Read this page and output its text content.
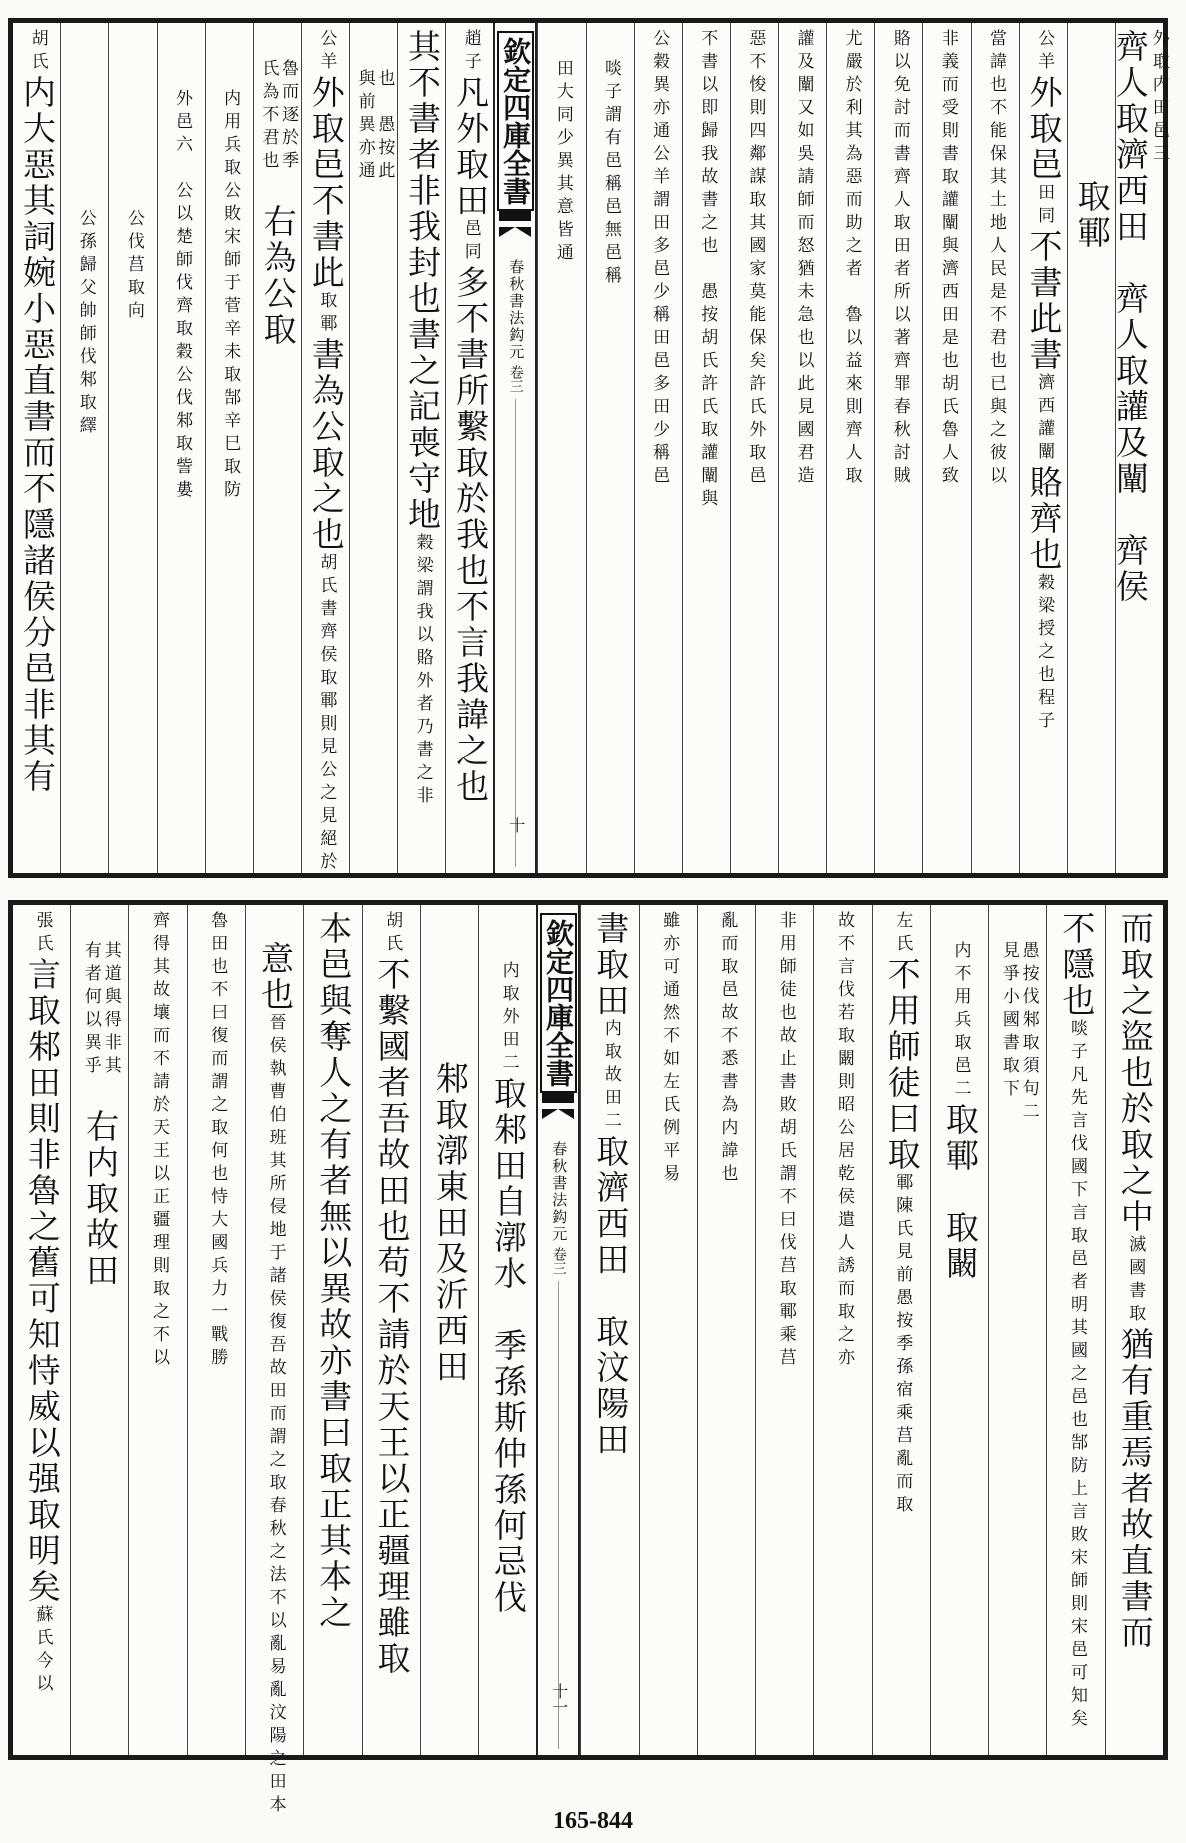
外取内田邑三
齊人取濟西田　齊人取讙及闡　齊侯
取鄆
公羊
外取邑
田同
不書此書
濟西讙闡
賂齊也
穀梁授之也程子
當諱也不能保其土地人民是不君也已與之彼以
非義而受則書取讙闡與濟西田是也胡氏魯人致
賂以免討而書齊人取田者所以著齊罪春秋討賊
尤嚴於利其為惡而助之者　魯以益來則齊人取
讙及闡又如吳請師而怒猶未急也以此見國君造
惡不悛則四鄰謀取其國家莫能保矣許氏外取邑
不書以即歸我故書之也　愚按胡氏許氏取讙闡與
公穀異亦通公羊謂田多邑少稱田邑多田少稱邑
啖子謂有邑稱邑無邑稱
田大同少異其意皆通
欽定四庫全書
春秋書法鈎元
卷三
十
趙子
凡外取田
邑同
多不書所繫取於我也不言我諱之也
其不書者非我封也書之記喪守地
穀梁謂我以賂外者乃書之非
也　愚按此
與前異亦通
公羊
外取邑不書此
取鄆
書為公取之也
胡氏書齊侯取鄆則見公之見絕於
魯而逐於季
氏為不君也
右為公取
内用兵取公敗宋師于菅辛未取郜辛巳取防
外邑六　公以楚師伐齊取穀公伐邾取訾婁
公伐莒取向
公孫歸父帥師伐邾取繹
胡氏
内大惡其詞婉小惡直書而不隱諸侯分邑非其有
而取之盜也於取之中
滅國書取
猶有重焉者故直書而
不隱也
啖子凡先言伐國下言取邑者明其國之邑也郜防上言敗宋師則宋邑可知矣
愚按伐邾取須句二
見爭小國書取下
内不用兵取邑二
取鄆　取闞
左氏
不用師徒曰取
鄆陳氏見前
愚按季孫宿乘莒亂而取
故不言伐若取闞則昭公居乾侯遣人誘而取之亦
非用師徒也故止書敗胡氏謂不曰伐莒取鄆乘莒
亂而取邑故不悉書為内諱也
雖亦可通然不如左氏例平易
書取田
内取故田二
取濟西田　取汶陽田
欽定四庫全書
春秋書法鈎元
卷三
十一
内取外田二
取邾田自漷水　季孫斯仲孫何忌伐
邾取漷東田及沂西田
胡氏
不繫國者吾故田也苟不請於天王以正疆理雖取
本邑與奪人之有者無以異故亦書曰取正其本之
意也
晉侯執曹伯班其所侵地于諸侯復吾故田而謂之取春秋之法不以亂易亂汶陽之田本
魯田也不曰復而謂之取何也恃大國兵力一戰勝
齊得其故壤而不請於天王以正疆理則取之不以
其道與得非其
有者何以異乎
右内取故田
張氏
言取邾田則非魯之舊可知恃威以强取明矣
蘇氏今以
165-844
